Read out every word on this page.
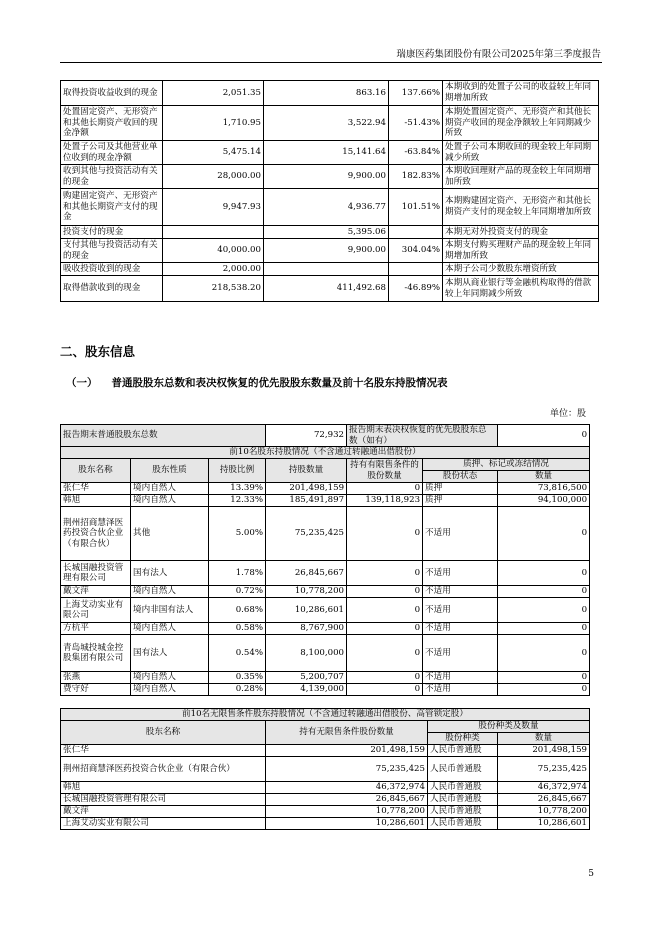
瑞康医药集团股份有限公司2025年第三季度报告
取得投资收益收到的现金	2,051.35	863.16	137.66%	本期收到的处置子公司的收益较上年同期增加所致
处置固定资产、无形资产和其他长期资产收回的现金净额	1,710.95	3,522.94	-51.43%	本期处置固定资产、无形资产和其他长期资产收回的现金净额较上年同期减少所致
处置子公司及其他营业单位收到的现金净额	5,475.14	15,141.64	-63.84%	处置子公司本期收回的现金较上年同期减少所致
收到其他与投资活动有关的现金	28,000.00	9,900.00	182.83%	本期收回理财产品的现金较上年同期增加所致
购建固定资产、无形资产和其他长期资产支付的现金	9,947.93	4,936.77	101.51%	本期购建固定资产、无形资产和其他长期资产支付的现金较上年同期增加所致
投资支付的现金		5,395.06		本期无对外投资支付的现金
支付其他与投资活动有关的现金	40,000.00	9,900.00	304.04%	本期支付购买理财产品的现金较上年同期增加所致
吸收投资收到的现金	2,000.00			本期子公司少数股东增资所致
取得借款收到的现金	218,538.20	411,492.68	-46.89%	本期从商业银行等金融机构取得的借款较上年同期减少所致
二、股东信息
（一） 普通股股东总数和表决权恢复的优先股股东数量及前十名股东持股情况表
单位：股
报告期末普通股股东总数			72,932	报告期末表决权恢复的优先股股东总数（如有）		0
前10名股东持股情况（不含通过转融通出借股份）						
股东名称	股东性质	持股比例	持股数量	持有有限售条件的股份数量	质押、标记或冻结情况	
					股份状态	数量
张仁华	境内自然人	13.39%	201,498,159	0	质押	73,816,500
韩旭	境内自然人	12.33%	185,491,897	139,118,923	质押	94,100,000
荆州招商慧泽医药投资合伙企业（有限合伙）	其他	5.00%	75,235,425	0	不适用	0
长城国融投资管理有限公司	国有法人	1.78%	26,845,667	0	不适用	0
戴文萍	境内自然人	0.72%	10,778,200	0	不适用	0
上海艾动实业有限公司	境内非国有法人	0.68%	10,286,601	0	不适用	0
方杭平	境内自然人	0.58%	8,767,900	0	不适用	0
青岛城投城金控股集团有限公司	国有法人	0.54%	8,100,000	0	不适用	0
张燕	境内自然人	0.35%	5,200,707	0	不适用	0
费守好	境内自然人	0.28%	4,139,000	0	不适用	0
前10名无限售条件股东持股情况（不含通过转融通出借股份、高管锁定股）			
股东名称	持有无限售条件股份数量	股份种类及数量	
		股份种类	数量
张仁华	201,498,159	人民币普通股	201,498,159
荆州招商慧泽医药投资合伙企业（有限合伙）	75,235,425	人民币普通股	75,235,425
韩旭	46,372,974	人民币普通股	46,372,974
长城国融投资管理有限公司	26,845,667	人民币普通股	26,845,667
戴文萍	10,778,200	人民币普通股	10,778,200
上海艾动实业有限公司	10,286,601	人民币普通股	10,286,601
5
